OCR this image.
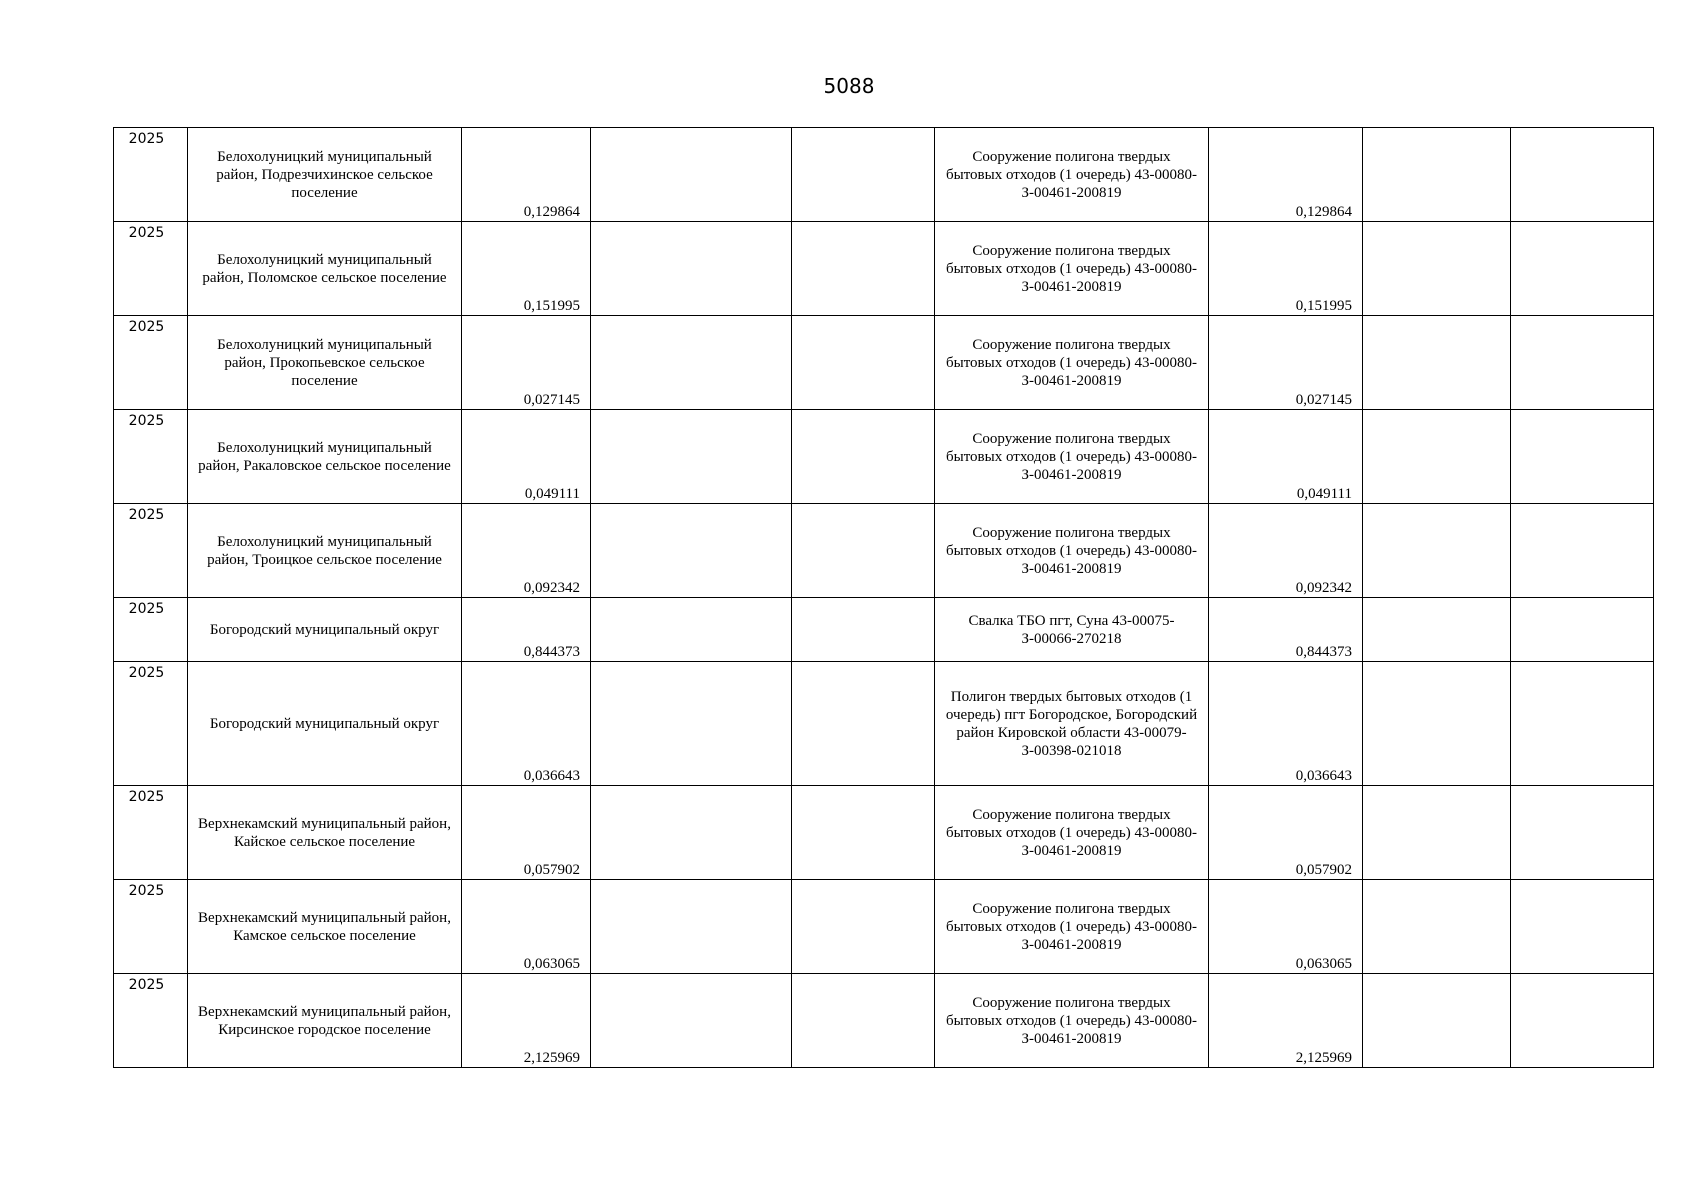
5088
2025	Белохолуницкий муниципальный район, Подрезчихинское сельское поселение	0,129864			Сооружение полигона твердых бытовых отходов (1 очередь) 43-00080-З-00461-200819	0,129864		
2025	Белохолуницкий муниципальный район, Поломское сельское поселение	0,151995			Сооружение полигона твердых бытовых отходов (1 очередь) 43-00080-З-00461-200819	0,151995		
2025	Белохолуницкий муниципальный район, Прокопьевское сельское поселение	0,027145			Сооружение полигона твердых бытовых отходов (1 очередь) 43-00080-З-00461-200819	0,027145		
2025	Белохолуницкий муниципальный район, Ракаловское сельское поселение	0,049111			Сооружение полигона твердых бытовых отходов (1 очередь) 43-00080-З-00461-200819	0,049111		
2025	Белохолуницкий муниципальный район, Троицкое сельское поселение	0,092342			Сооружение полигона твердых бытовых отходов (1 очередь) 43-00080-З-00461-200819	0,092342		
2025	Богородский муниципальный округ	0,844373			Свалка ТБО пгт, Суна 43-00075-З-00066-270218	0,844373		
2025	Богородский муниципальный округ	0,036643			Полигон твердых бытовых отходов (1 очередь) пгт Богородское, Богородский район Кировской области 43-00079-З-00398-021018	0,036643		
2025	Верхнекамский муниципальный район, Кайское сельское поселение	0,057902			Сооружение полигона твердых бытовых отходов (1 очередь) 43-00080-З-00461-200819	0,057902		
2025	Верхнекамский муниципальный район, Камское сельское поселение	0,063065			Сооружение полигона твердых бытовых отходов (1 очередь) 43-00080-З-00461-200819	0,063065		
2025	Верхнекамский муниципальный район, Кирсинское городское поселение	2,125969			Сооружение полигона твердых бытовых отходов (1 очередь) 43-00080-З-00461-200819	2,125969		
